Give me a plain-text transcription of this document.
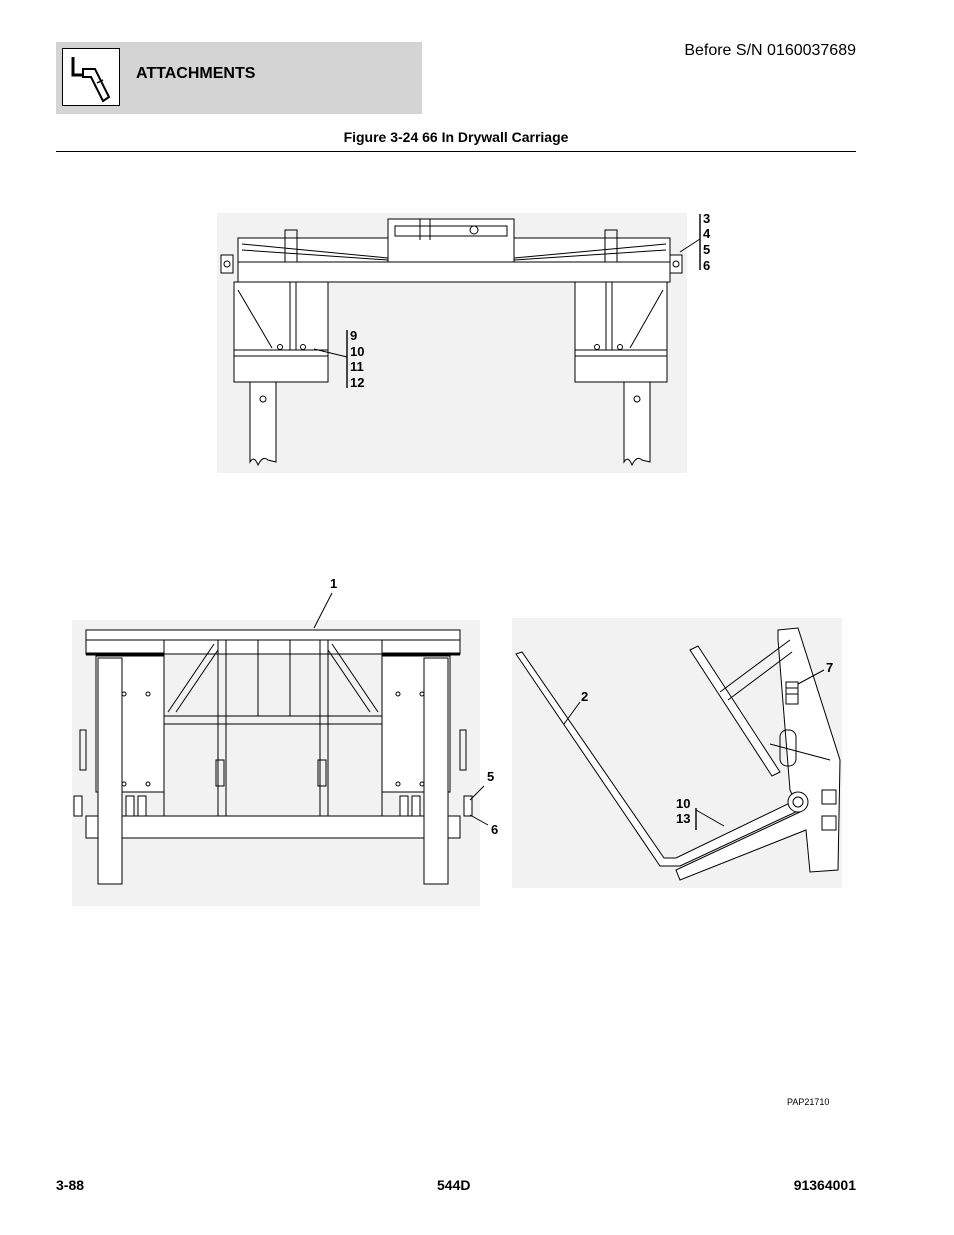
ATTACHMENTS
Before S/N 0160037689
Figure 3-24 66 In Drywall Carriage
3
4
5
6
9
10
11
12
1
5
6
2
7
10
13
PAP21710
3-88	544D	91364001
